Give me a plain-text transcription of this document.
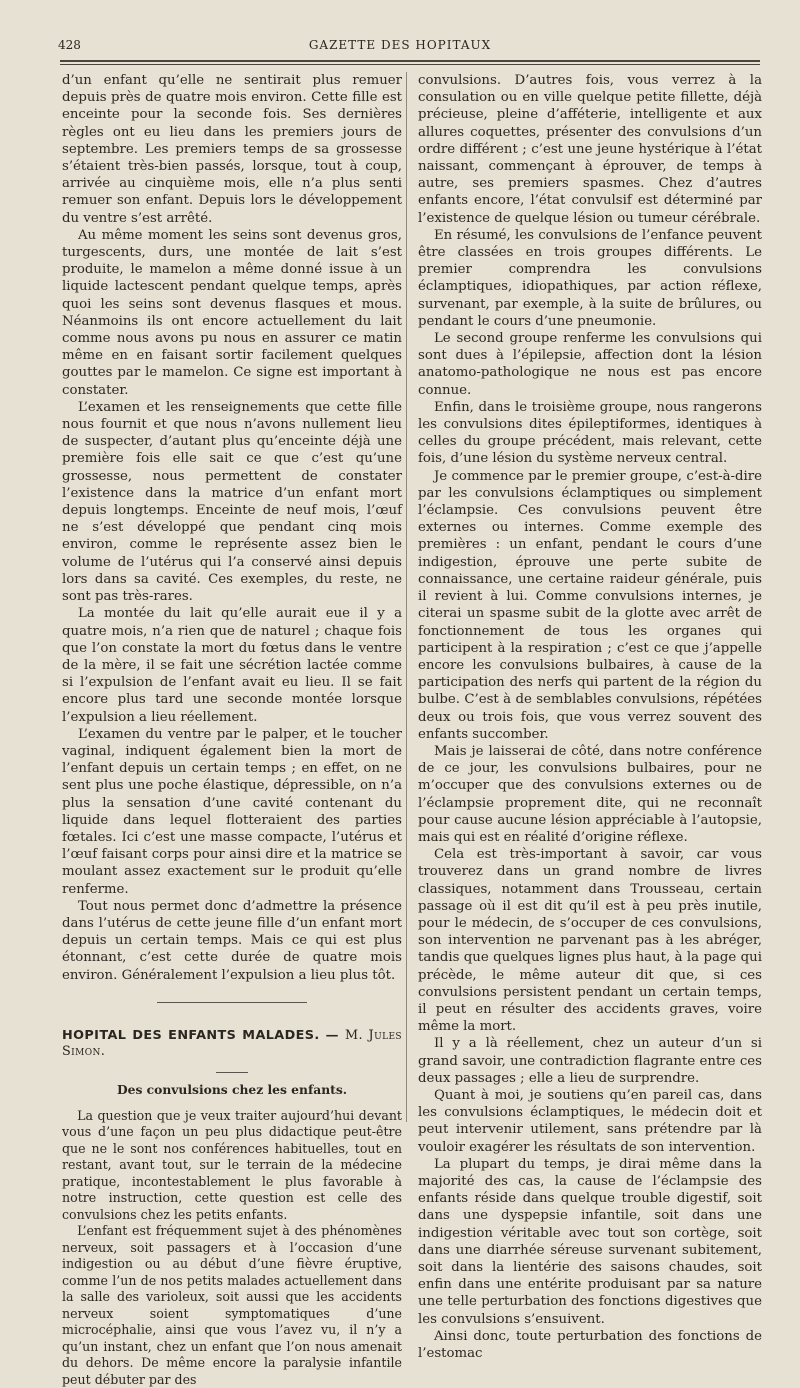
428	GAZETTE DES HOPITAUX

d’un enfant qu’elle ne sentirait plus remuer depuis près de quatre mois environ. Cette fille est enceinte pour la seconde fois. Ses dernières règles ont eu lieu dans les premiers jours de septembre. Les premiers temps de sa grossesse s’étaient très-bien passés, lorsque, tout à coup, arrivée au cinquième mois, elle n’a plus senti remuer son enfant. Depuis lors le développement du ventre s’est arrêté.

Au même moment les seins sont devenus gros, turgescents, durs, une montée de lait s’est produite, le mamelon a même donné issue à un liquide lactescent pendant quelque temps, après quoi les seins sont devenus flasques et mous. Néanmoins ils ont encore actuellement du lait comme nous avons pu nous en assurer ce matin même en en faisant sortir facilement quelques gouttes par le mamelon. Ce signe est important à constater.

L’examen et les renseignements que cette fille nous fournit et que nous n’avons nullement lieu de suspecter, d’autant plus qu’enceinte déjà une première fois elle sait ce que c’est qu’une grossesse, nous permettent de constater l’existence dans la matrice d’un enfant mort depuis longtemps. Enceinte de neuf mois, l’œuf ne s’est développé que pendant cinq mois environ, comme le représente assez bien le volume de l’utérus qui l’a conservé ainsi depuis lors dans sa cavité. Ces exemples, du reste, ne sont pas très-rares.

La montée du lait qu’elle aurait eue il y a quatre mois, n’a rien que de naturel ; chaque fois que l’on constate la mort du fœtus dans le ventre de la mère, il se fait une sécrétion lactée comme si l’expulsion de l’enfant avait eu lieu. Il se fait encore plus tard une seconde montée lorsque l’expulsion a lieu réellement.

L’examen du ventre par le palper, et le toucher vaginal, indiquent également bien la mort de l’enfant depuis un certain temps ; en effet, on ne sent plus une poche élastique, dépressible, on n’a plus la sensation d’une cavité contenant du liquide dans lequel flotteraient des parties fœtales. Ici c’est une masse compacte, l’utérus et l’œuf faisant corps pour ainsi dire et la matrice se moulant assez exactement sur le produit qu’elle renferme.

Tout nous permet donc d’admettre la présence dans l’utérus de cette jeune fille d’un enfant mort depuis un certain temps. Mais ce qui est plus étonnant, c’est cette durée de quatre mois environ. Généralement l’expulsion a lieu plus tôt.

HOPITAL DES ENFANTS MALADES. — M. Jules Simon.
Des convulsions chez les enfants.

La question que je veux traiter aujourd’hui devant vous d’une façon un peu plus didactique peut-être que ne le sont nos conférences habituelles, tout en restant, avant tout, sur le terrain de la médecine pratique, incontestablement le plus favorable à notre instruction, cette question est celle des convulsions chez les petits enfants.

L’enfant est fréquemment sujet à des phénomènes nerveux, soit passagers et à l’occasion d’une indigestion ou au début d’une fièvre éruptive, comme l’un de nos petits malades actuellement dans la salle des varioleux, soit aussi que les accidents nerveux soient symptomatiques d’une microcéphalie, ainsi que vous l’avez vu, il n’y a qu’un instant, chez un enfant que l’on nous amenait du dehors. De même encore la paralysie infantile peut débuter par des

convulsions. D’autres fois, vous verrez à la consulation ou en ville quelque petite fillette, déjà précieuse, pleine d’afféterie, intelligente et aux allures coquettes, présenter des convulsions d’un ordre différent ; c’est une jeune hystérique à l’état naissant, commençant à éprouver, de temps à autre, ses premiers spasmes. Chez d’autres enfants encore, l’état convulsif est déterminé par l’existence de quelque lésion ou tumeur cérébrale.

En résumé, les convulsions de l’enfance peuvent être classées en trois groupes différents. Le premier comprendra les convulsions éclamptiques, idiopathiques, par action réflexe, survenant, par exemple, à la suite de brûlures, ou pendant le cours d’une pneumonie.

Le second groupe renferme les convulsions qui sont dues à l’épilepsie, affection dont la lésion anatomo-pathologique ne nous est pas encore connue.

Enfin, dans le troisième groupe, nous rangerons les convulsions dites épileptiformes, identiques à celles du groupe précédent, mais relevant, cette fois, d’une lésion du système nerveux central.

Je commence par le premier groupe, c’est-à-dire par les convulsions éclamptiques ou simplement l’éclampsie. Ces convulsions peuvent être externes ou internes. Comme exemple des premières : un enfant, pendant le cours d’une indigestion, éprouve une perte subite de connaissance, une certaine raideur générale, puis il revient à lui. Comme convulsions internes, je citerai un spasme subit de la glotte avec arrêt de fonctionnement de tous les organes qui participent à la respiration ; c’est ce que j’appelle encore les convulsions bulbaires, à cause de la participation des nerfs qui partent de la région du bulbe. C’est à de semblables convulsions, répétées deux ou trois fois, que vous verrez souvent des enfants succomber.

Mais je laisserai de côté, dans notre conférence de ce jour, les convulsions bulbaires, pour ne m’occuper que des convulsions externes ou de l’éclampsie proprement dite, qui ne reconnaît pour cause aucune lésion appréciable à l’autopsie, mais qui est en réalité d’origine réflexe.

Cela est très-important à savoir, car vous trouverez dans un grand nombre de livres classiques, notamment dans Trousseau, certain passage où il est dit qu’il est à peu près inutile, pour le médecin, de s’occuper de ces convulsions, son intervention ne parvenant pas à les abréger, tandis que quelques lignes plus haut, à la page qui précède, le même auteur dit que, si ces convulsions persistent pendant un certain temps, il peut en résulter des accidents graves, voire même la mort.

Il y a là réellement, chez un auteur d’un si grand savoir, une contradiction flagrante entre ces deux passages ; elle a lieu de surprendre.

Quant à moi, je soutiens qu’en pareil cas, dans les convulsions éclamptiques, le médecin doit et peut intervenir utilement, sans prétendre par là vouloir exagérer les résultats de son intervention.

La plupart du temps, je dirai même dans la majorité des cas, la cause de l’éclampsie des enfants réside dans quelque trouble digestif, soit dans une dyspepsie infantile, soit dans une indigestion véritable avec tout son cortège, soit dans une diarrhée séreuse survenant subitement, soit dans la lientérie des saisons chaudes, soit enfin dans une entérite produisant par sa nature une telle perturbation des fonctions digestives que les convulsions s’ensuivent.

Ainsi donc, toute perturbation des fonctions de l’estomac
